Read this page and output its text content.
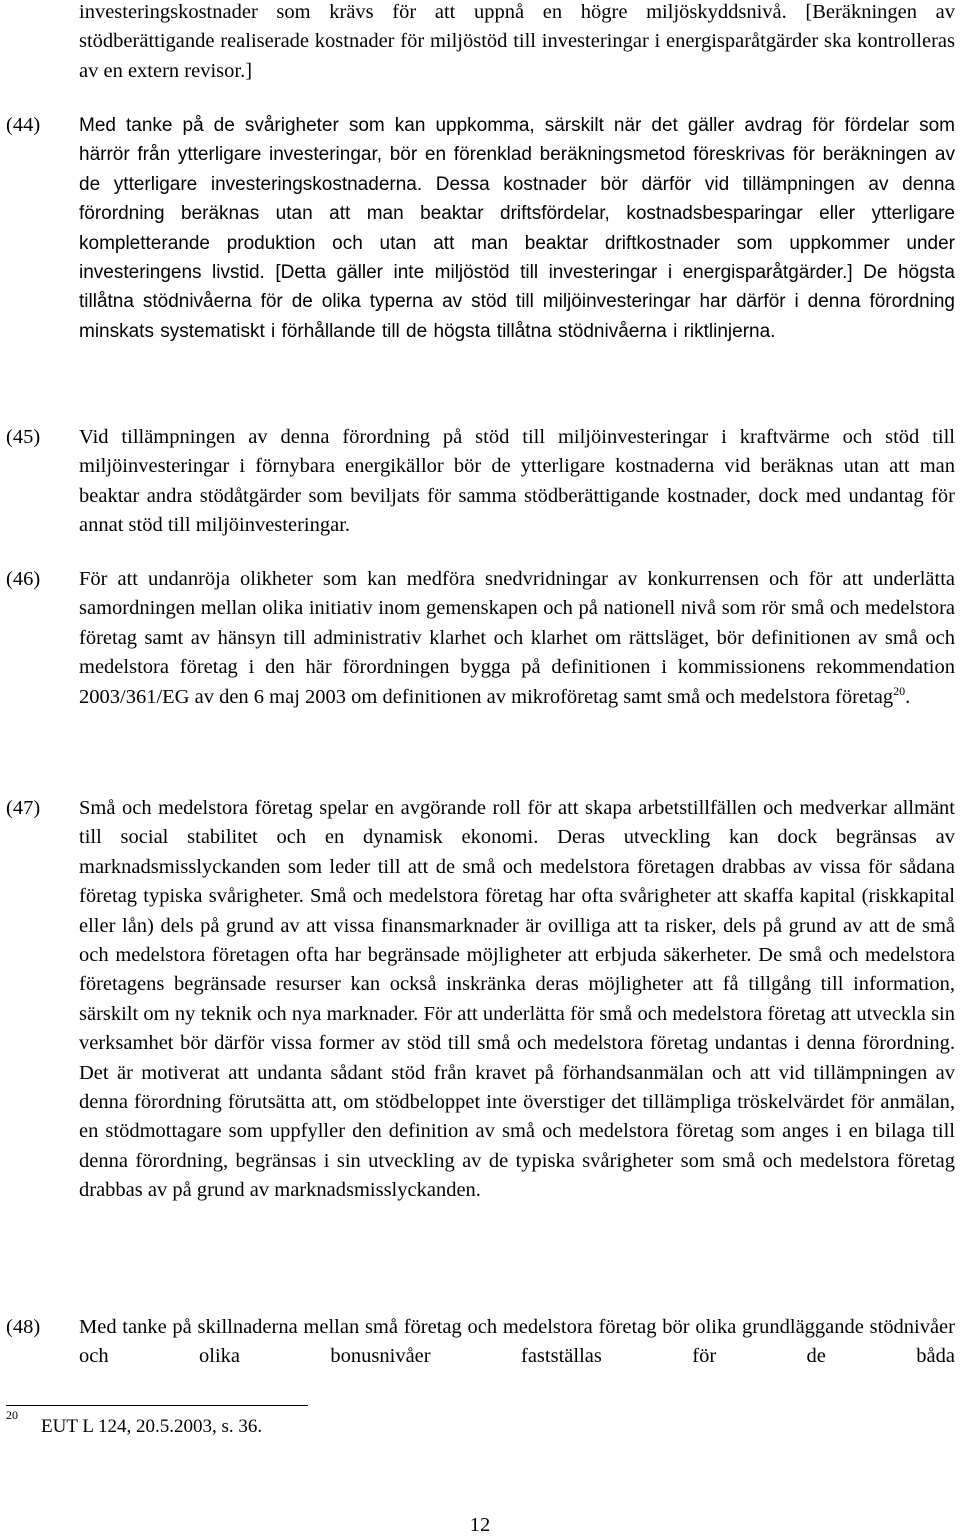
investeringskostnader som krävs för att uppnå en högre miljöskyddsnivå. [Beräkningen av stödberättigande realiserade kostnader för miljöstöd till investeringar i energisparåtgärder ska kontrolleras av en extern revisor.]
(44)	Med tanke på de svårigheter som kan uppkomma, särskilt när det gäller avdrag för fördelar som härrör från ytterligare investeringar, bör en förenklad beräkningsmetod föreskrivas för beräkningen av de ytterligare investeringskostnaderna. Dessa kostnader bör därför vid tillämpningen av denna förordning beräknas utan att man beaktar driftsfördelar, kostnadsbesparingar eller ytterligare kompletterande produktion och utan att man beaktar driftkostnader som uppkommer under investeringens livstid. [Detta gäller inte miljöstöd till investeringar i energisparåtgärder.] De högsta tillåtna stödnivåerna för de olika typerna av stöd till miljöinvesteringar har därför i denna förordning minskats systematiskt i förhållande till de högsta tillåtna stödnivåerna i riktlinjerna.
(45)	Vid tillämpningen av denna förordning på stöd till miljöinvesteringar i kraftvärme och stöd till miljöinvesteringar i förnybara energikällor bör de ytterligare kostnaderna vid beräknas utan att man beaktar andra stödåtgärder som beviljats för samma stödberättigande kostnader, dock med undantag för annat stöd till miljöinvesteringar.
(46)	För att undanröja olikheter som kan medföra snedvridningar av konkurrensen och för att underlätta samordningen mellan olika initiativ inom gemenskapen och på nationell nivå som rör små och medelstora företag samt av hänsyn till administrativ klarhet och klarhet om rättsläget, bör definitionen av små och medelstora företag i den här förordningen bygga på definitionen i kommissionens rekommendation 2003/361/EG av den 6 maj 2003 om definitionen av mikroföretag samt små och medelstora företag$^{20}$.
(47)	Små och medelstora företag spelar en avgörande roll för att skapa arbetstillfällen och medverkar allmänt till social stabilitet och en dynamisk ekonomi. Deras utveckling kan dock begränsas av marknadsmisslyckanden som leder till att de små och medelstora företagen drabbas av vissa för sådana företag typiska svårigheter. Små och medelstora företag har ofta svårigheter att skaffa kapital (riskkapital eller lån) dels på grund av att vissa finansmarknader är ovilliga att ta risker, dels på grund av att de små och medelstora företagen ofta har begränsade möjligheter att erbjuda säkerheter. De små och medelstora företagens begränsade resurser kan också inskränka deras möjligheter att få tillgång till information, särskilt om ny teknik och nya marknader. För att underlätta för små och medelstora företag att utveckla sin verksamhet bör därför vissa former av stöd till små och medelstora företag undantas i denna förordning. Det är motiverat att undanta sådant stöd från kravet på förhandsanmälan och att vid tillämpningen av denna förordning förutsätta att, om stödbeloppet inte överstiger det tillämpliga tröskelvärdet för anmälan, en stödmottagare som uppfyller den definition av små och medelstora företag som anges i en bilaga till denna förordning, begränsas i sin utveckling av de typiska svårigheter som små och medelstora företag drabbas av på grund av marknadsmisslyckanden.
(48)	Med tanke på skillnaderna mellan små företag och medelstora företag bör olika grundläggande stödnivåer och olika bonusnivåer fastställas för de båda
20
EUT L 124, 20.5.2003, s. 36.
12
